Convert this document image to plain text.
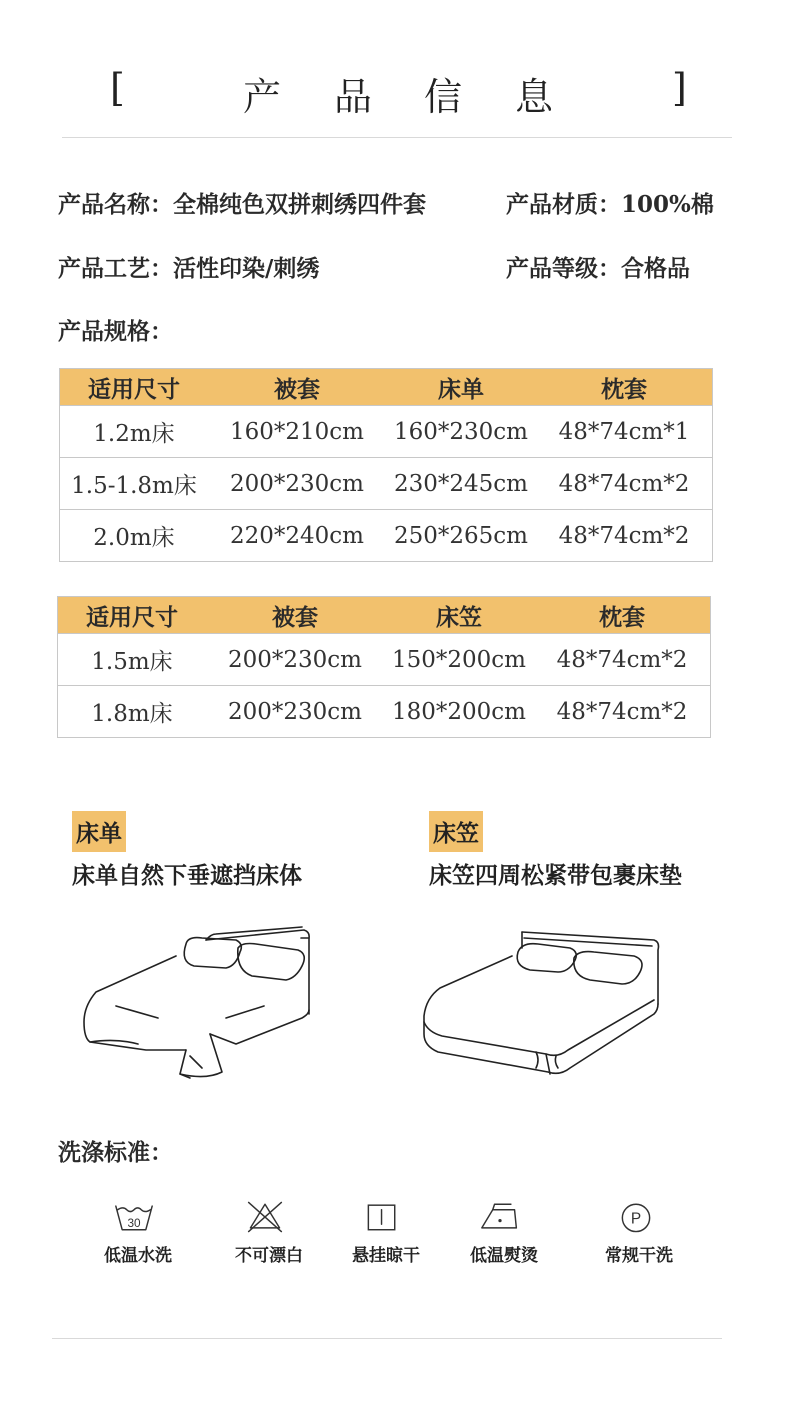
[	产 品 信 息	]
产品名称：全棉纯色双拼刺绣四件套	产品材质：100%棉
产品工艺：活性印染/刺绣	产品等级：合格品
产品规格：
适用尺寸	被套	床单	枕套
1.2m床	160*210cm	160*230cm	48*74cm*1
1.5-1.8m床	200*230cm	230*245cm	48*74cm*2
2.0m床	220*240cm	250*265cm	48*74cm*2
适用尺寸	被套	床笠	枕套
1.5m床	200*230cm	150*200cm	48*74cm*2
1.8m床	200*230cm	180*200cm	48*74cm*2
床单
床单自然下垂遮挡床体
床笠
床笠四周松紧带包裹床垫
洗涤标准：
30
低温水洗	不可漂白	悬挂晾干	低温熨烫
P
常规干洗
